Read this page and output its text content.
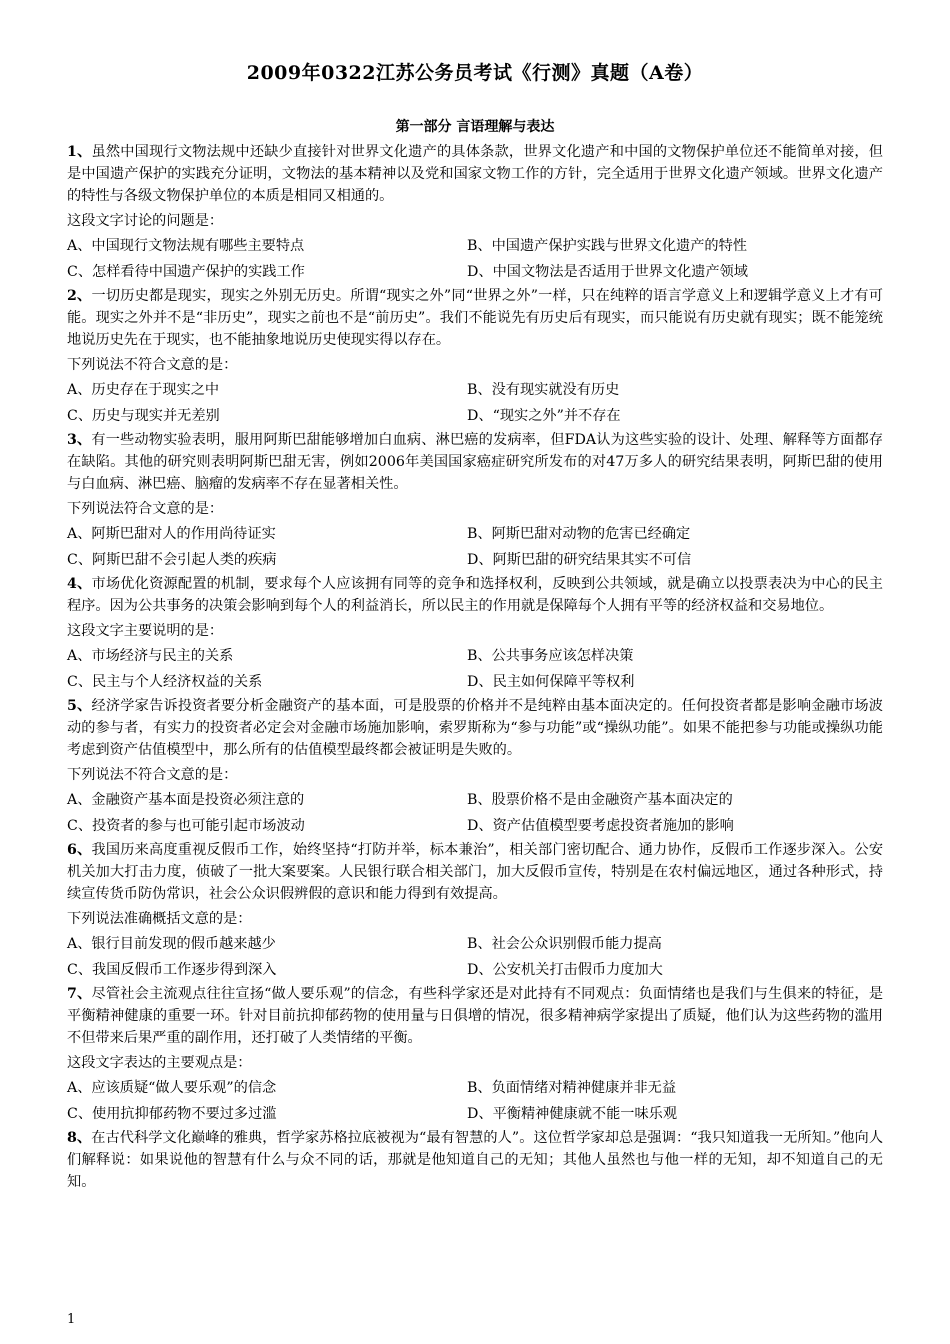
2009年0322江苏公务员考试《行测》真题（A卷）
第一部分 言语理解与表达

1、虽然中国现行文物法规中还缺少直接针对世界文化遗产的具体条款，世界文化遗产和中国的文物保护单位还不能简单对接，但是中国遗产保护的实践充分证明，文物法的基本精神以及党和国家文物工作的方针，完全适用于世界文化遗产领域。世界文化遗产的特性与各级文物保护单位的本质是相同又相通的。

这段文字讨论的问题是：
A、中国现行文物法规有哪些主要特点	B、中国遗产保护实践与世界文化遗产的特性
C、怎样看待中国遗产保护的实践工作	D、中国文物法是否适用于世界文化遗产领域

2、一切历史都是现实，现实之外别无历史。所谓“现实之外”同“世界之外”一样，只在纯粹的语言学意义上和逻辑学意义上才有可能。现实之外并不是“非历史”，现实之前也不是“前历史”。我们不能说先有历史后有现实，而只能说有历史就有现实；既不能笼统地说历史先在于现实，也不能抽象地说历史使现实得以存在。

下列说法不符合文意的是：
A、历史存在于现实之中	B、没有现实就没有历史
C、历史与现实并无差别	D、“现实之外”并不存在

3、有一些动物实验表明，服用阿斯巴甜能够增加白血病、淋巴癌的发病率，但FDA认为这些实验的设计、处理、解释等方面都存在缺陷。其他的研究则表明阿斯巴甜无害，例如2006年美国国家癌症研究所发布的对47万多人的研究结果表明，阿斯巴甜的使用与白血病、淋巴癌、脑瘤的发病率不存在显著相关性。

下列说法符合文意的是：
A、阿斯巴甜对人的作用尚待证实	B、阿斯巴甜对动物的危害已经确定
C、阿斯巴甜不会引起人类的疾病	D、阿斯巴甜的研究结果其实不可信

4、市场优化资源配置的机制，要求每个人应该拥有同等的竞争和选择权利，反映到公共领域，就是确立以投票表决为中心的民主程序。因为公共事务的决策会影响到每个人的利益消长，所以民主的作用就是保障每个人拥有平等的经济权益和交易地位。

这段文字主要说明的是：
A、市场经济与民主的关系	B、公共事务应该怎样决策
C、民主与个人经济权益的关系	D、民主如何保障平等权利

5、经济学家告诉投资者要分析金融资产的基本面，可是股票的价格并不是纯粹由基本面决定的。任何投资者都是影响金融市场波动的参与者，有实力的投资者必定会对金融市场施加影响，索罗斯称为“参与功能”或“操纵功能”。如果不能把参与功能或操纵功能考虑到资产估值模型中，那么所有的估值模型最终都会被证明是失败的。

下列说法不符合文意的是：
A、金融资产基本面是投资必须注意的	B、股票价格不是由金融资产基本面决定的
C、投资者的参与也可能引起市场波动	D、资产估值模型要考虑投资者施加的影响

6、我国历来高度重视反假币工作，始终坚持“打防并举，标本兼治”，相关部门密切配合、通力协作，反假币工作逐步深入。公安机关加大打击力度，侦破了一批大案要案。人民银行联合相关部门，加大反假币宣传，特别是在农村偏远地区，通过各种形式，持续宣传货币防伪常识，社会公众识假辨假的意识和能力得到有效提高。

下列说法准确概括文意的是：
A、银行目前发现的假币越来越少	B、社会公众识别假币能力提高
C、我国反假币工作逐步得到深入	D、公安机关打击假币力度加大

7、尽管社会主流观点往往宣扬“做人要乐观”的信念，有些科学家还是对此持有不同观点：负面情绪也是我们与生俱来的特征，是平衡精神健康的重要一环。针对目前抗抑郁药物的使用量与日俱增的情况，很多精神病学家提出了质疑，他们认为这些药物的滥用不但带来后果严重的副作用，还打破了人类情绪的平衡。

这段文字表达的主要观点是：
A、应该质疑“做人要乐观”的信念	B、负面情绪对精神健康并非无益
C、使用抗抑郁药物不要过多过滥	D、平衡精神健康就不能一味乐观

8、在古代科学文化巅峰的雅典，哲学家苏格拉底被视为“最有智慧的人”。这位哲学家却总是强调：“我只知道我一无所知。”他向人们解释说：如果说他的智慧有什么与众不同的话，那就是他知道自己的无知；其他人虽然也与他一样的无知，却不知道自己的无知。

1
